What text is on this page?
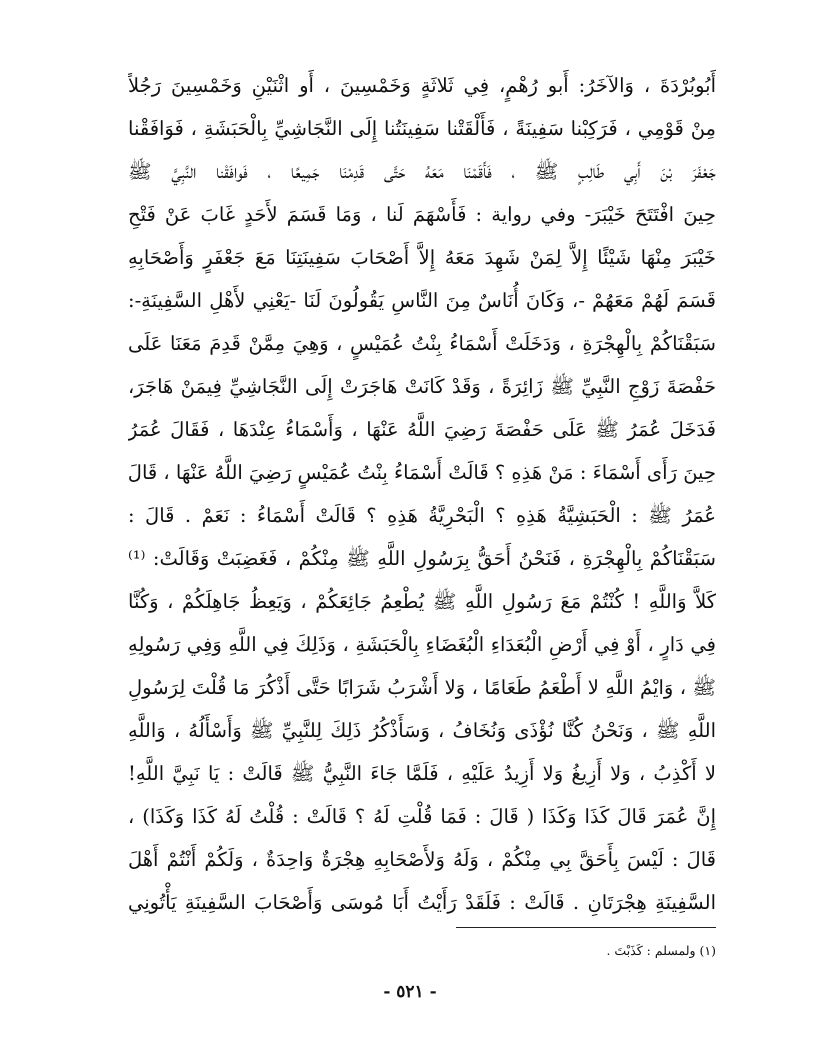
أَبُوبُرْدَةَ ، وَالآخَرُ: أَبو رُهْمٍ، فِي ثَلاثَةٍ وَخَمْسِينَ ، أَو اثْنَيْنِ وَخَمْسِينَ رَجُلاً
مِنْ قَوْمِي ، فَرَكِبْنا سَفِينَةً ، فَأَلْقَتْنا سَفِينَتُنا إِلَى النَّجَاشِيِّ بِالْحَبَشَةِ ، فَوَافَقْنا
جَعْفَرَ بْنَ أَبِي طَالِبٍ ﷺ ، فَأَقَمْنَا مَعَهُ حَتَّى قَدِمْنَا جَمِيعًا ، فَوافَقْنا النَّبِيَّ ﷺ
حِينَ افْتَتَحَ خَيْبَرَ- وفي رواية : فَأَسْهَمَ لَنا ، وَمَا قَسَمَ لأَحَدٍ غَابَ عَنْ فَتْحِ
خَيْبَرَ مِنْهَا شَيْئًا إِلاَّ لِمَنْ شَهِدَ مَعَهُ إِلاَّ أَصْحَابَ سَفِينَتِنَا مَعَ جَعْفَرٍ وَأَصْحَابِهِ
قَسَمَ لَهُمْ مَعَهُمْ -، وَكَانَ أُنَاسٌ مِنَ النَّاسِ يَقُولُونَ لَنَا -يَعْنِي لأَهْلِ السَّفِينَةِ-:
سَبَقْنَاكُمْ بِالْهِجْرَةِ ، وَدَخَلَتْ أَسْمَاءُ بِنْتُ عُمَيْسٍ ، وَهِيَ مِمَّنْ قَدِمَ مَعَنَا عَلَى
حَفْصَةَ زَوْجِ النَّبِيِّ ﷺ زَائِرَةً ، وَقَدْ كَانَتْ هَاجَرَتْ إِلَى النَّجَاشِيِّ فِيمَنْ هَاجَرَ،
فَدَخَلَ عُمَرُ ﷺ عَلَى حَفْصَةَ رَضِيَ اللَّهُ عَنْهَا ، وَأَسْمَاءُ عِنْدَهَا ، فَقَالَ عُمَرُ
حِينَ رَأَى أَسْمَاءَ : مَنْ هَذِهِ ؟ قَالَتْ أَسْمَاءُ بِنْتُ عُمَيْسٍ رَضِيَ اللَّهُ عَنْهَا ، قَالَ
عُمَرُ ﷺ : الْحَبَشِيَّةُ هَذِهِ ؟ الْبَحْرِيَّةُ هَذِهِ ؟ قَالَتْ أَسْمَاءُ : نَعَمْ . قَالَ :
سَبَقْنَاكُمْ بِالْهِجْرَةِ ، فَنَحْنُ أَحَقُّ بِرَسُولِ اللَّهِ ﷺ مِنْكُمْ ، فَغَضِبَتْ وَقَالَتْ: ⁽¹⁾
كَلاَّ وَاللَّهِ ! كُنْتُمْ مَعَ رَسُولِ اللَّهِ ﷺ يُطْعِمُ جَائِعَكُمْ ، وَيَعِظُ جَاهِلَكُمْ ، وَكُنَّا
فِي دَارٍ ، أَوْ فِي أَرْضِ الْبُعَدَاءِ الْبُغَضَاءِ بِالْحَبَشَةِ ، وَذَلِكَ فِي اللَّهِ وَفِي رَسُولِهِ
ﷺ ، وَايْمُ اللَّهِ لا أَطْعَمُ طَعَامًا ، وَلا أَشْرَبُ شَرَابًا حَتَّى أَذْكُرَ مَا قُلْتَ لِرَسُولِ
اللَّهِ ﷺ ، وَنَحْنُ كُنَّا نُؤْذَى وَنُخَافُ ، وَسَأَذْكُرُ ذَلِكَ لِلنَّبِيِّ ﷺ وَأَسْأَلُهُ ، وَاللَّهِ
لا أَكْذِبُ ، وَلا أَزِيغُ وَلا أَزِيدُ عَلَيْهِ ، فَلَمَّا جَاءَ النَّبِيُّ ﷺ قَالَتْ : يَا نَبِيَّ اللَّهِ!
إِنَّ عُمَرَ قَالَ كَذَا وَكَذَا ( قَالَ : فَمَا قُلْتِ لَهُ ؟ قَالَتْ : قُلْتُ لَهُ كَذَا وَكَذَا) ،
قَالَ : لَيْسَ بِأَحَقَّ بِي مِنْكُمْ ، وَلَهُ وَلأَصْحَابِهِ هِجْرَةٌ وَاحِدَةٌ ، وَلَكُمْ أَنْتُمْ أَهْلَ
السَّفِينَةِ هِجْرَتَانِ . قَالَتْ : فَلَقَدْ رَأَيْتُ أَبَا مُوسَى وَأَصْحَابَ السَّفِينَةِ يَأْتُونِي
(١) ولمسلم : كَذَبْتَ .
- ٥٢١ -
